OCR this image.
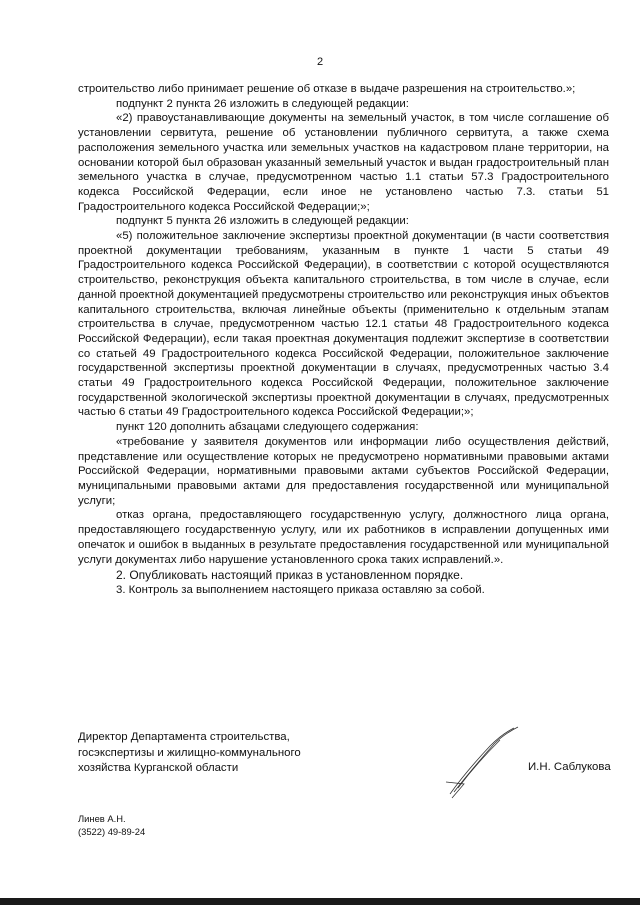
2

строительство либо принимает решение об отказе в выдаче разрешения на строительство.»;

подпункт 2 пункта 26 изложить в следующей редакции:

«2) правоустанавливающие документы на земельный участок, в том числе соглашение об установлении сервитута, решение об установлении публичного сервитута, а также схема расположения земельного участка или земельных участков на кадастровом плане территории, на основании которой был образован указанный земельный участок и выдан градостроительный план земельного участка в случае, предусмотренном частью 1.1 статьи 57.3 Градостроительного кодекса Российской Федерации, если иное не установлено частью 7.3. статьи 51 Градостроительного кодекса Российской Федерации;»;

подпункт 5 пункта 26 изложить в следующей редакции:

«5) положительное заключение экспертизы проектной документации (в части соответствия проектной документации требованиям, указанным в пункте 1 части 5 статьи 49 Градостроительного кодекса Российской Федерации), в соответствии с которой осуществляются строительство, реконструкция объекта капитального строительства, в том числе в случае, если данной проектной документацией предусмотрены строительство или реконструкция иных объектов капитального строительства, включая линейные объекты (применительно к отдельным этапам строительства в случае, предусмотренном частью 12.1 статьи 48 Градостроительного кодекса Российской Федерации), если такая проектная документация подлежит экспертизе в соответствии со статьей 49 Градостроительного кодекса Российской Федерации, положительное заключение государственной экспертизы проектной документации в случаях, предусмотренных частью 3.4 статьи 49 Градостроительного кодекса Российской Федерации, положительное заключение государственной экологической экспертизы проектной документации в случаях, предусмотренных частью 6 статьи 49 Градостроительного кодекса Российской Федерации;»;

пункт 120 дополнить абзацами следующего содержания:

«требование у заявителя документов или информации либо осуществления действий, представление или осуществление которых не предусмотрено нормативными правовыми актами Российской Федерации, нормативными правовыми актами субъектов Российской Федерации, муниципальными правовыми актами для предоставления государственной или муниципальной услуги;

отказ органа, предоставляющего государственную услугу, должностного лица органа, предоставляющего государственную услугу, или их работников в исправлении допущенных ими опечаток и ошибок в выданных в результате предоставления государственной или муниципальной услуги документах либо нарушение установленного срока таких исправлений.».

2. Опубликовать настоящий приказ в установленном порядке.

3. Контроль за выполнением настоящего приказа оставляю за собой.

Директор Департамента строительства,
госэкспертизы и жилищно-коммунального
хозяйства Курганской области	И.Н. Саблукова
Линев А.Н.
(3522) 49-89-24
